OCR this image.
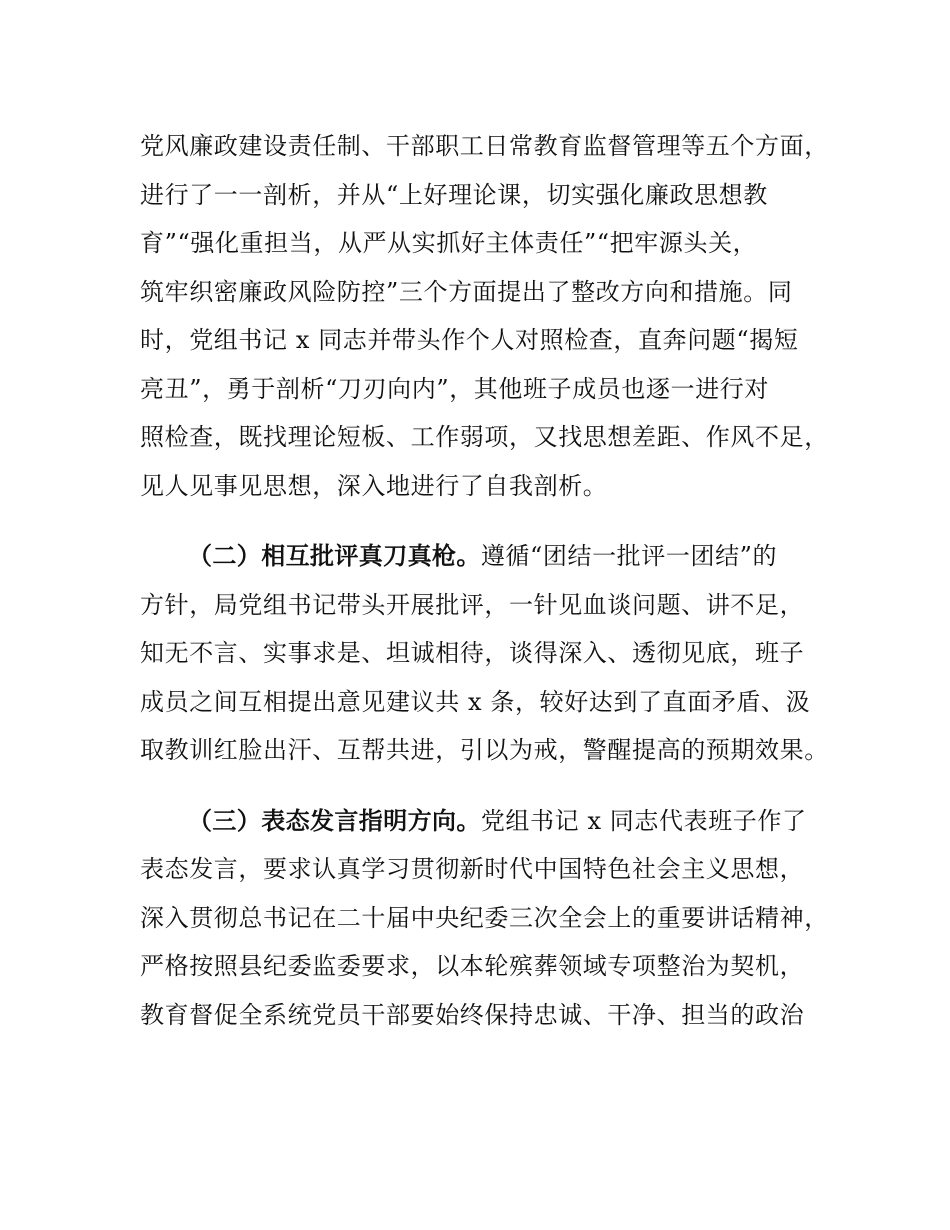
党风廉政建设责任制、干部职工日常教育监督管理等五个方面，
进行了一一剖析，并从“上好理论课，切实强化廉政思想教
育”“强化重担当，从严从实抓好主体责任”“把牢源头关，
筑牢织密廉政风险防控”三个方面提出了整改方向和措施。同
时，党组书记 x 同志并带头作个人对照检查，直奔问题“揭短
亮丑”，勇于剖析“刀刃向内”，其他班子成员也逐一进行对
照检查，既找理论短板、工作弱项，又找思想差距、作风不足，
见人见事见思想，深入地进行了自我剖析。
（二）相互批评真刀真枪。遵循“团结一批评一团结”的
方针，局党组书记带头开展批评，一针见血谈问题、讲不足，
知无不言、实事求是、坦诚相待，谈得深入、透彻见底，班子
成员之间互相提出意见建议共 x 条，较好达到了直面矛盾、汲
取教训红脸出汗、互帮共进，引以为戒，警醒提高的预期效果。
（三）表态发言指明方向。党组书记 x 同志代表班子作了
表态发言，要求认真学习贯彻新时代中国特色社会主义思想，
深入贯彻总书记在二十届中央纪委三次全会上的重要讲话精神，
严格按照县纪委监委要求，以本轮殡葬领域专项整治为契机，
教育督促全系统党员干部要始终保持忠诚、干净、担当的政治
